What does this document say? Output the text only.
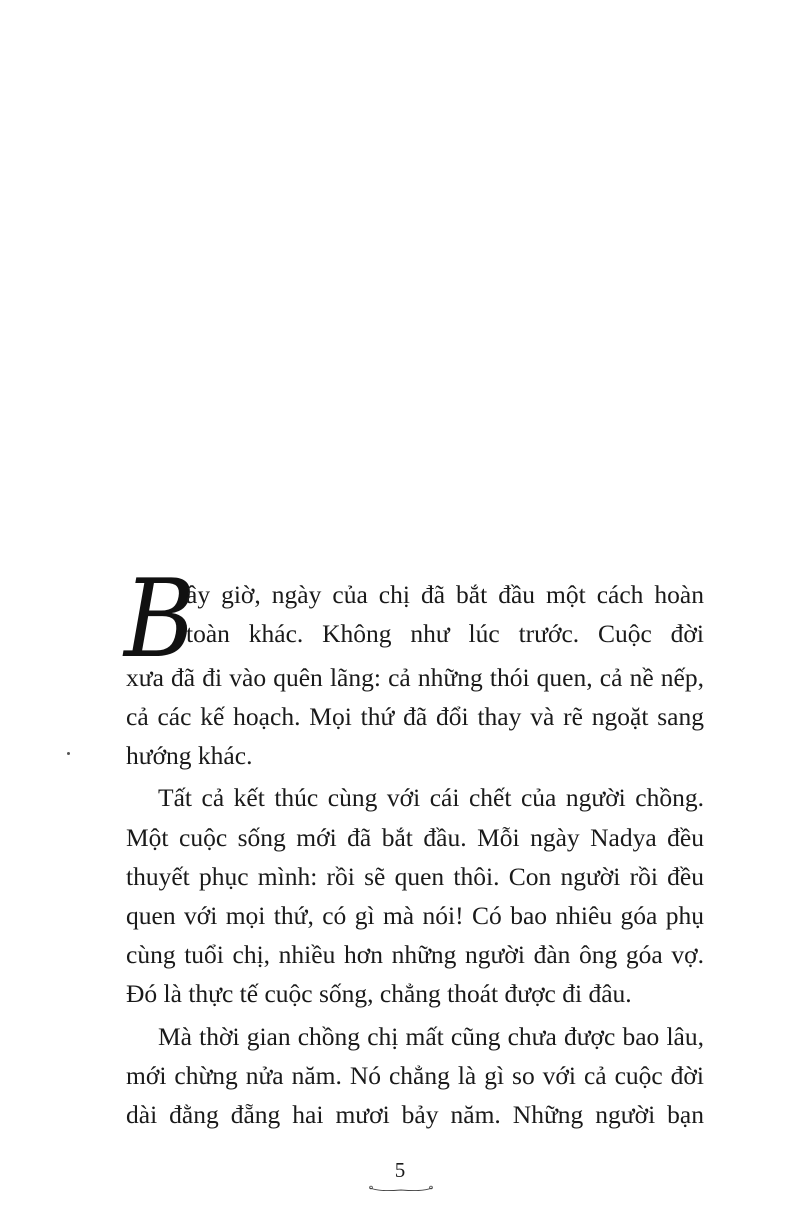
B
ây giờ, ngày của chị đã bắt đầu một cách hoàn
toàn khác. Không như lúc trước. Cuộc đời
xưa đã đi vào quên lãng: cả những thói quen, cả nề nếp,
cả các kế hoạch. Mọi thứ đã đổi thay và rẽ ngoặt sang
hướng khác.
Tất cả kết thúc cùng với cái chết của người chồng.
Một cuộc sống mới đã bắt đầu. Mỗi ngày Nadya đều
thuyết phục mình: rồi sẽ quen thôi. Con người rồi đều
quen với mọi thứ, có gì mà nói! Có bao nhiêu góa phụ
cùng tuổi chị, nhiều hơn những người đàn ông góa vợ.
Đó là thực tế cuộc sống, chẳng thoát được đi đâu.
Mà thời gian chồng chị mất cũng chưa được bao lâu,
mới chừng nửa năm. Nó chẳng là gì so với cả cuộc đời
dài đằng đẵng hai mươi bảy năm. Những người bạn
5
